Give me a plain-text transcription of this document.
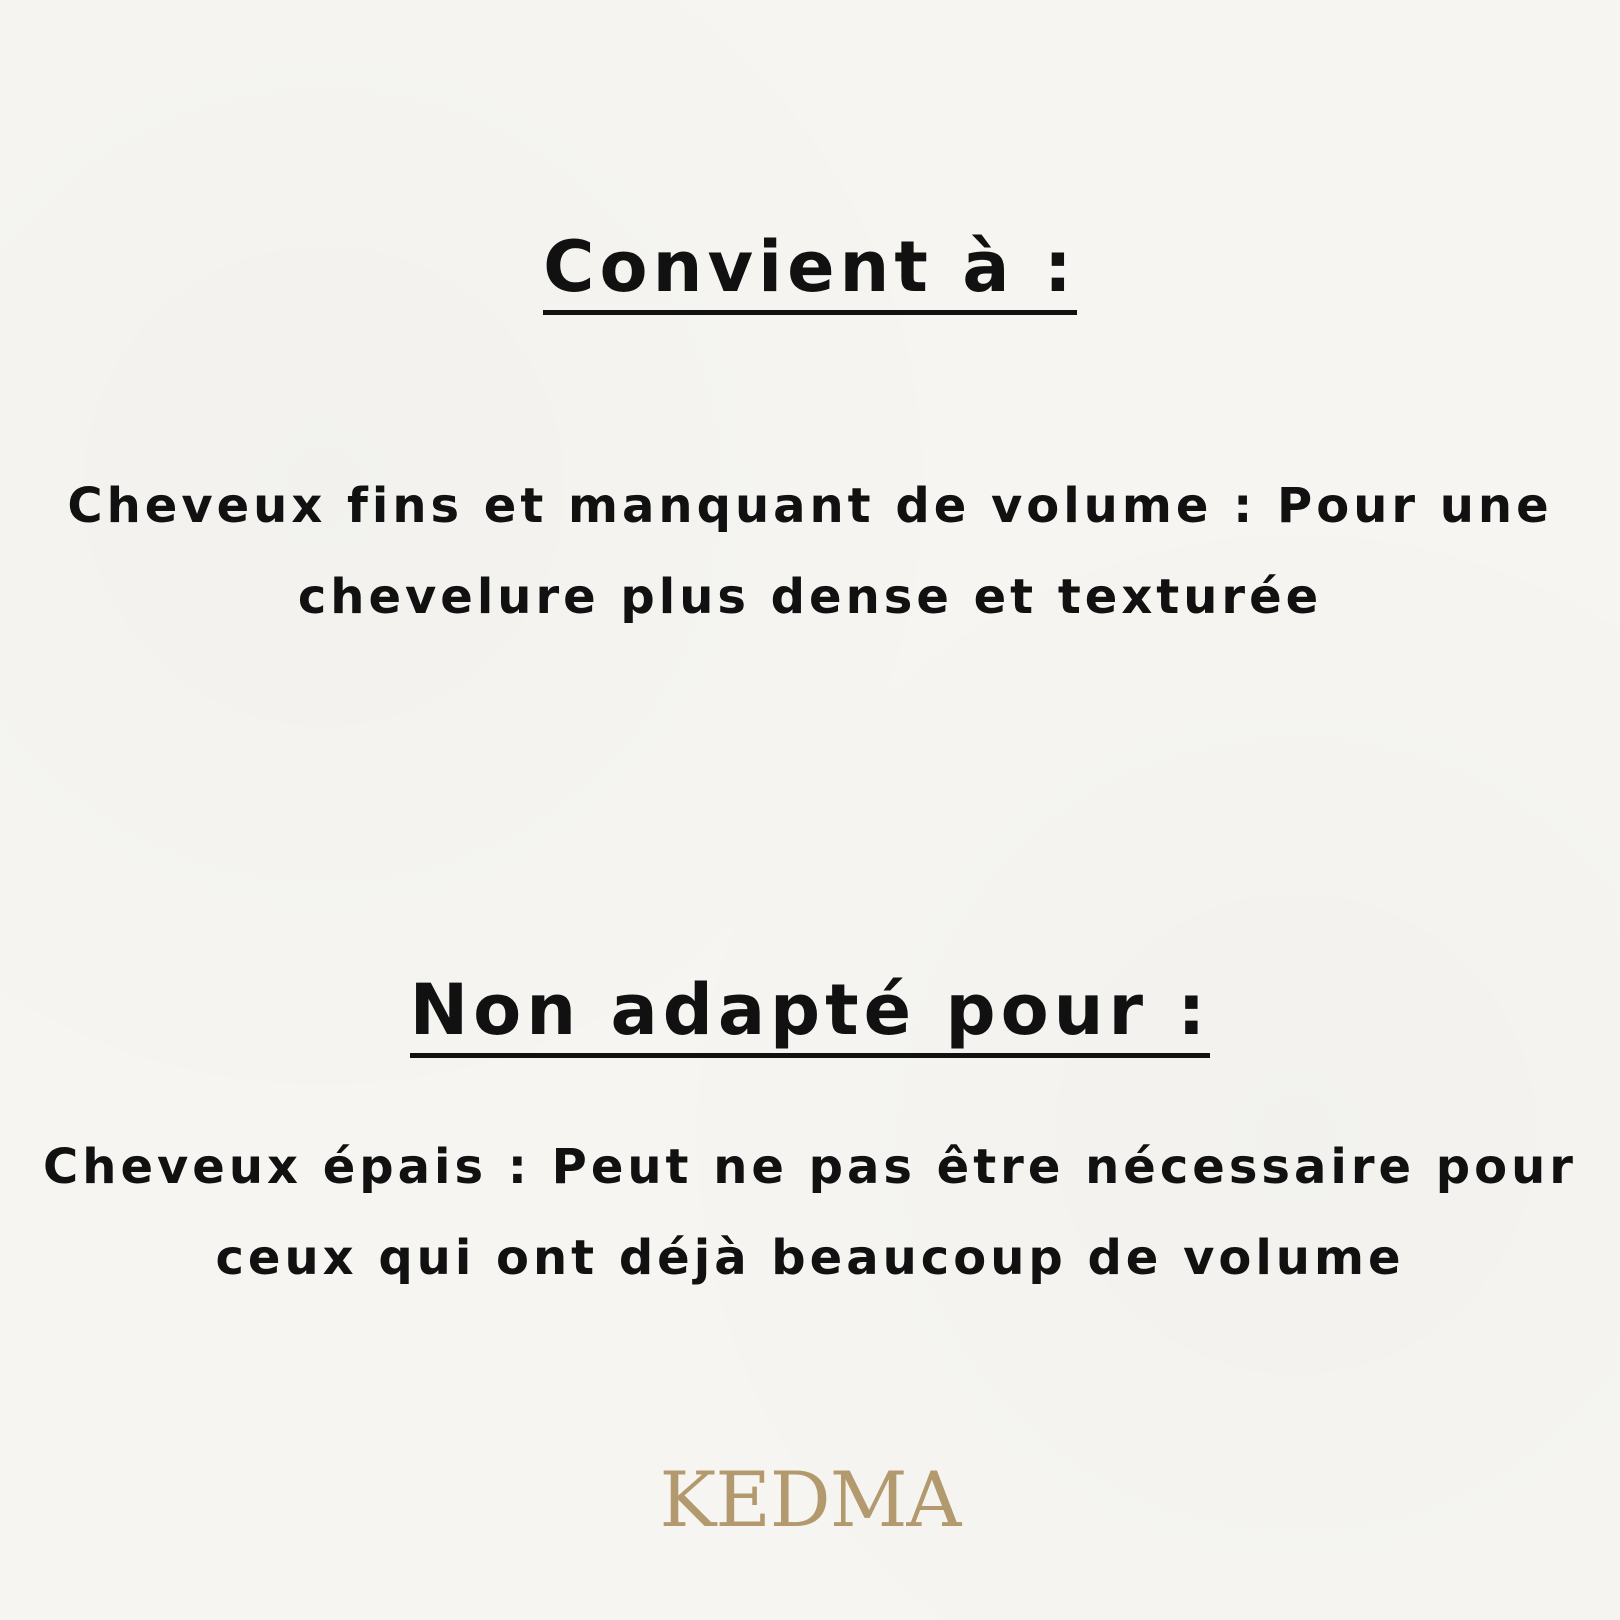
Convient à :
Cheveux fins et manquant de volume : Pour une chevelure plus dense et texturée
Non adapté pour :
Cheveux épais : Peut ne pas être nécessaire pour ceux qui ont déjà beaucoup de volume
KEDMA
